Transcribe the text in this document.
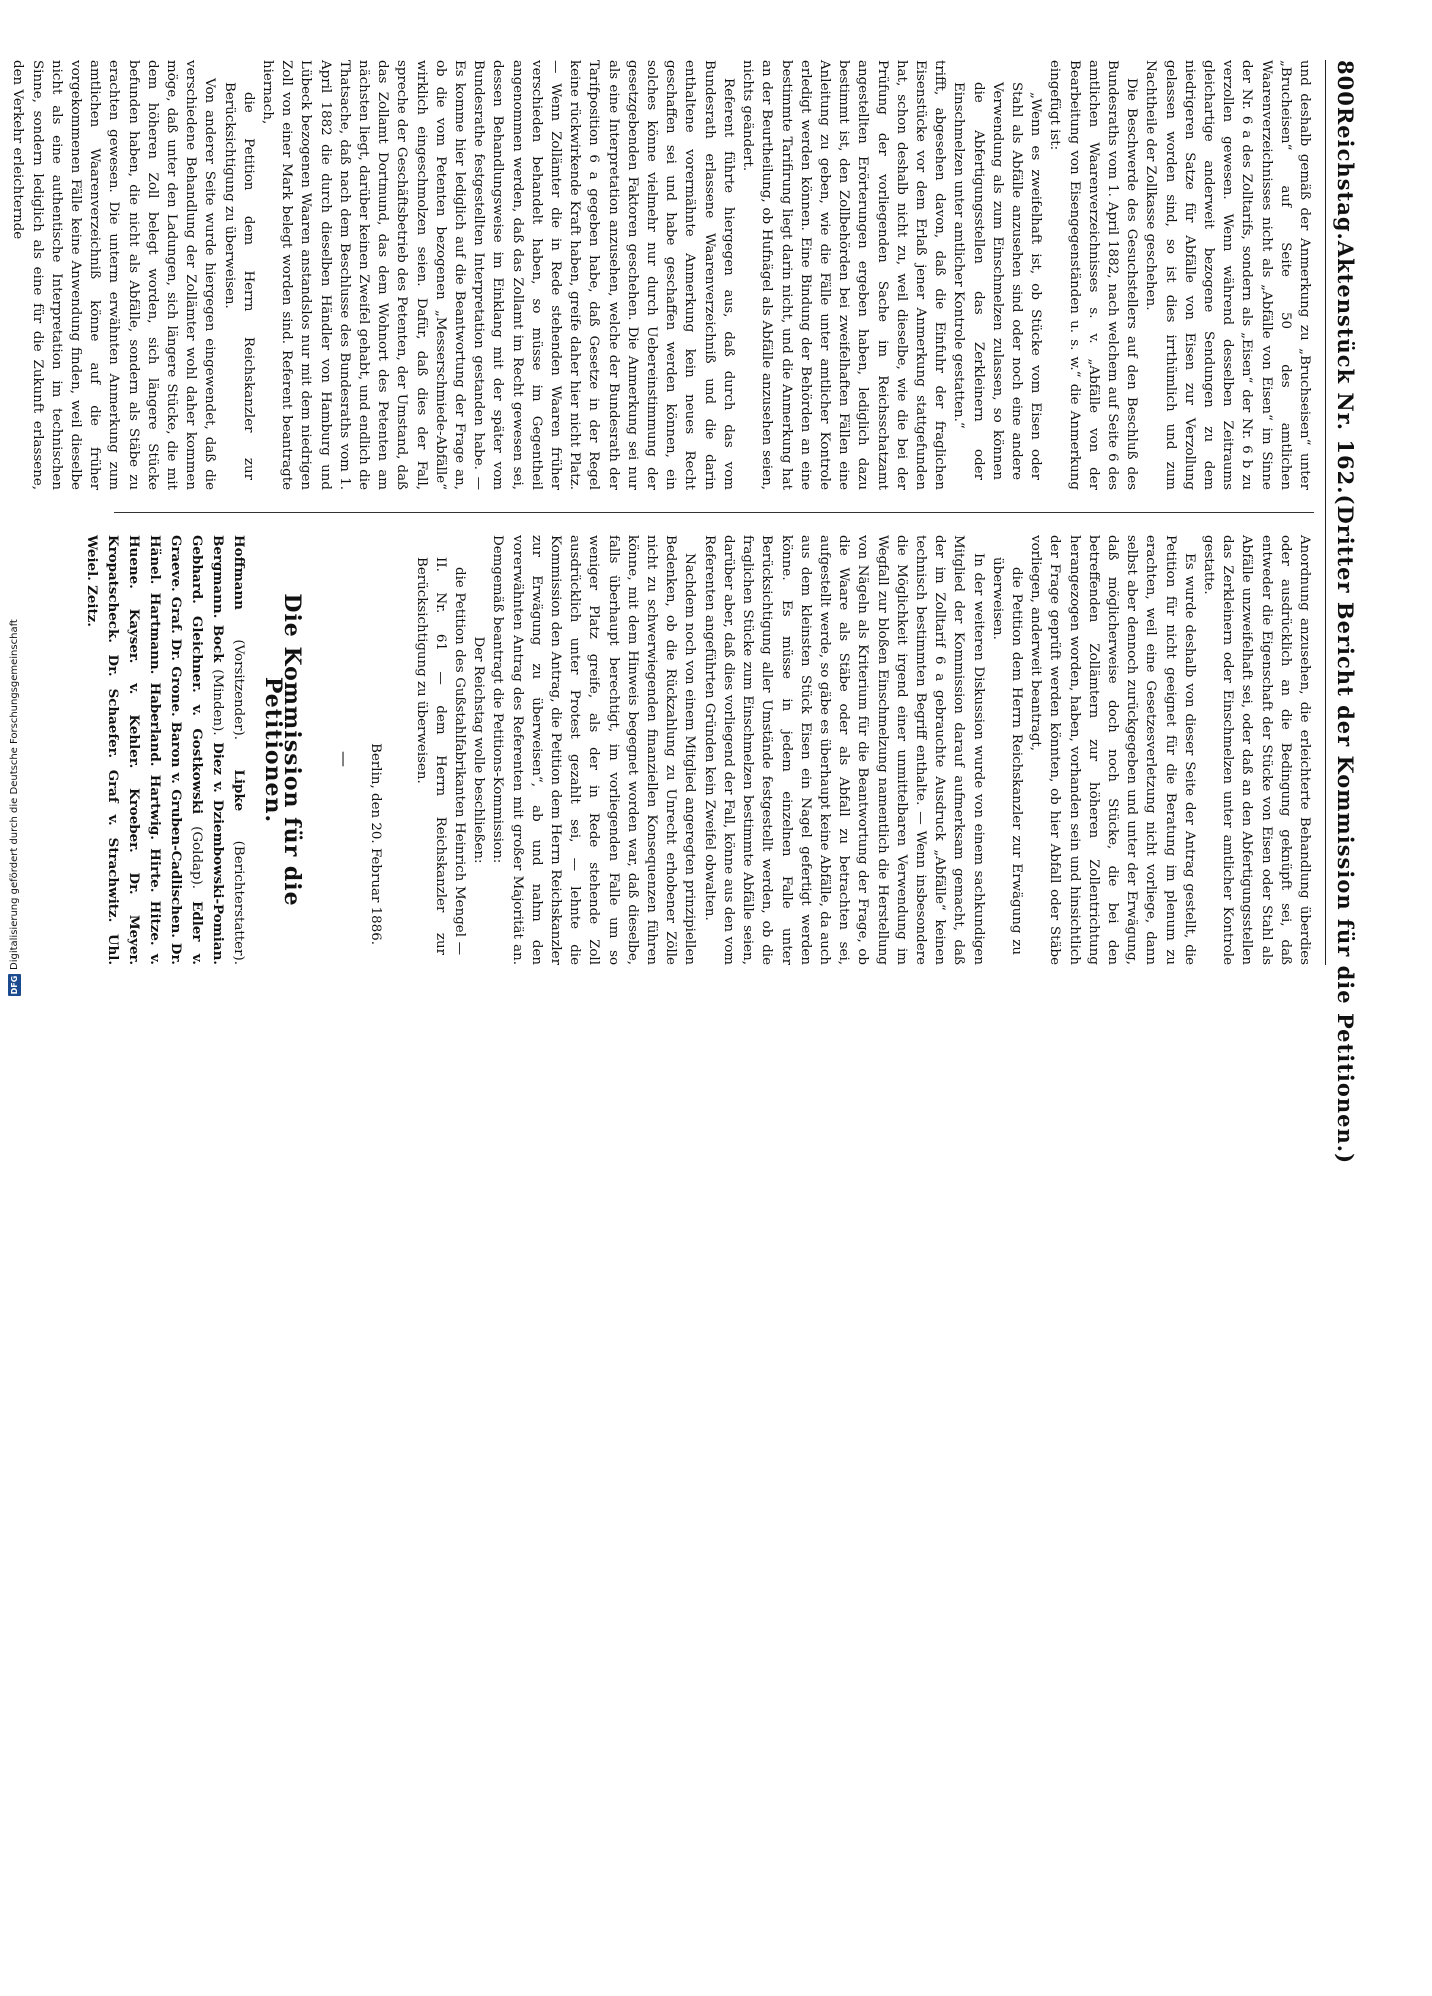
800
Reichstag.
Aktenstück Nr. 162.
(Dritter Bericht der Kommission für die Petitionen.)

und deshalb gemäß der Anmerkung zu „Bruchseisen“ unter „Brucheisen“ auf Seite 50 des amtlichen Waarenverzeichnisses nicht als „Abfälle von Eisen“ im Sinne der Nr. 6 a des Zolltarifs, sondern als „Eisen“ der Nr. 6 b zu verzollen gewesen. Wenn während desselben Zeitraums gleichartige anderweit bezogene Sendungen zu dem niedrigeren Satze für Abfälle von Eisen zur Verzollung gelassen worden sind, so ist dies irrthümlich und zum Nachtheile der Zollkasse geschehen.

Die Beschwerde des Gesuchstellers auf den Beschluß des Bundesraths vom 1. April 1882, nach welchem auf Seite 6 des amtlichen Waarenverzeichnisses s. v. „Abfälle von der Bearbeitung von Eisengegenständen u. s. w.“ die Anmerkung eingefügt ist:

„Wenn es zweifelhaft ist, ob Stücke vom Eisen oder Stahl als Abfälle anzusehen sind oder noch eine andere Verwendung als zum Einschmelzen zulassen, so können die Abfertigungsstellen das Zerkleinern oder Einschmelzen unter amtlicher Kontrole gestatten.“

trifft, abgesehen davon, daß die Einfuhr der fraglichen Eisenstücke vor dem Erlaß jener Anmerkung stattgefunden hat, schon deshalb nicht zu, weil dieselbe, wie die bei der Prüfung der vorliegenden Sache im Reichsschatzamt angestellten Erörterungen ergeben haben, lediglich dazu bestimmt ist, den Zollbehörden bei zweifelhaften Fällen eine Anleitung zu geben, wie die Fälle unter amtlicher Kontrole erledigt werden können. Eine Bindung der Behörden an eine bestimmte Tarifirung liegt darin nicht, und die Anmerkung hat an der Beurtheilung, ob Hufnägel als Abfälle anzusehen seien, nichts geändert.

Referent führte hiergegen aus, daß durch das vom Bundesrath erlassene Waarenverzeichniß und die darin enthaltene vorermähnte Anmerkung kein neues Recht geschaffen sei und habe geschaffen werden können, ein solches könne vielmehr nur durch Uebereinstimmung der gesetzgebenden Faktoren geschehen. Die Anmerkung sei nur als eine Interpretation anzusehen, welche der Bundesrath der Tarifposition 6 a gegeben habe, daß Gesetze in der Regel keine rückwirkende Kraft haben, greife daher hier nicht Platz. — Wenn Zollämter die in Rede stehenden Waaren früher verschieden behandelt haben, so müsse im Gegentheil angenommen werden, daß das Zollamt im Recht gewesen sei, dessen Behandlungsweise im Einklang mit der später vom Bundesrathe festgestellten Interpretation gestanden habe. — Es komme hier lediglich auf die Beantwortung der Frage an, ob die vom Petenten bezogenen „Messerschmiede-Abfälle“ wirklich eingeschmolzen seien. Dafür, daß dies der Fall, spreche der Geschäftsbetrieb des Petenten, der Umstand, daß das Zollamt Dortmund, das dem Wohnort des Petenten am nächsten liegt, darüber keinen Zweifel gehabt, und endlich die Thatsache, daß nach dem Beschlusse des Bundesraths vom 1. April 1882 die durch dieselben Händler von Hamburg und Lübeck bezogenen Waaren anstandslos nur mit dem niedrigen Zoll von einer Mark belegt worden sind. Referent beantragte hiernach,

die Petition dem Herrn Reichskanzler zur Berücksichtigung zu überweisen.

Von anderer Seite wurde hiergegen eingewendet, daß die verschiedene Behandlung der Zollämter wohl daher kommen möge, daß unter den Ladungen, sich längere Stücke, die mit dem höheren Zoll belegt worden, sich längere Stücke befunden haben, die nicht als Abfälle, sondern als Stäbe zu erachten gewesen. Die unterm erwähnten Anmerkung zum amtlichen Waarenverzeichniß könne auf die früher vorgekommenen Fälle keine Anwendung finden, weil dieselbe nicht als eine authentische Interpretation im technischen Sinne, sondern lediglich als eine für die Zukunft erlassene, den Verkehr erleichternde

Anordnung anzusehen, die erleichterte Behandlung überdies oder ausdrücklich an die Bedingung geknüpft sei, daß entweder die Eigenschaft der Stücke von Eisen oder Stahl als Abfälle unzweifelhaft sei, oder daß an den Abfertigungsstellen das Zerkleinern oder Einschmelzen unter amtlicher Kontrole gestatte.

Es wurde deshalb von dieser Seite der Antrag gestellt, die Petition für nicht geeignet für die Beratung im plenum zu erachten, weil eine Gesetzesverletzung nicht vorliege, dann selbst aber dennoch zurückgegeben und unter der Erwägung, daß möglicherweise doch noch Stücke, die bei den betreffenden Zollämtern zur höheren Zollentrichtung herangezogen worden, haben, vorhanden sein und hinsichtlich der Frage geprüft werden könnten, ob hier Abfall oder Stäbe vorliegen, anderweit beantragt,

die Petition dem Herrn Reichskanzler zur Erwägung zu überweisen.

In der weiteren Diskussion wurde von einem sachkundigen Mitglied der Kommission darauf aufmerksam gemacht, daß der im Zolltarif 6 a gebrauchte Ausdruck „Abfälle“ keinen technisch bestimmten Begriff enthalte. — Wenn insbesondere die Möglichkeit irgend einer unmittelbaren Verwendung im Wegfall zur bloßen Einschmelzung namentlich die Herstellung von Nägeln als Kriterium für die Beantwortung der Frage, ob die Waare als Stäbe oder als Abfall zu betrachten sei, aufgestellt werde, so gäbe es überhaupt keine Abfälle, da auch aus dem kleinsten Stück Eisen ein Nagel gefertigt werden könne. Es müsse in jedem einzelnen Falle unter Berücksichtigung aller Umstände festgestellt werden, ob die fraglichen Stücke zum Einschmelzen bestimmte Abfälle seien, darüber aber, daß dies vorliegend der Fall, könne aus den vom Referenten angeführten Gründen kein Zweifel obwalten.

Nachdem noch von einem Mitglied angeregten prinzipiellen Bedenken, ob die Rückzahlung zu Unrecht erhobener Zölle nicht zu schwerwiegenden finanziellen Konsequenzen führen könne, mit dem Hinweis begegnet worden war, daß dieselbe, falls überhaupt berechtigt, im vorliegenden Falle um so weniger Platz greife, als der in Rede stehende Zoll ausdrücklich unter Protest gezahlt sei, — lehnte die Kommission den Antrag, die Petition dem Herrn Reichskanzler zur Erwägung zu überweisen“, ab und nahm den vorerwähnten Antrag des Referenten mit großer Majorität an. Demgemäß beantragt die Petitions-Kommission:

Der Reichstag wolle beschließen:

die Petition des Gußstahlfabrikanten Heinrich Mengel — II. Nr. 61 — dem Herrn Reichskanzler zur Berücksichtigung zu überweisen.

Berlin, den 20. Februar 1886.

—

Die Kommission für die Petitionen.

Hoffmann (Vorsitzender). Lipke (Berichterstatter). Bergmann. Bock (Minden). Diez v. Dziembowski-Pomian. Gebhard. Gleichner. v. Gostkowski (Goldap). Edler v. Graeve. Graf. Dr. Grone. Baron v. Gruben-Cadlischen. Dr. Hänel. Hartmann. Haberland. Hartwig. Hirte. Hitze. v. Huene. Kayser. v. Kehler. Kroeber. Dr. Meyer. Kropatscheck. Dr. Schaefer. Graf v. Strachwitz. Uhl. Weiel. Zeitz.
DFG
Digitalisierung gefördert durch die Deutsche Forschungsgemeinschaft
